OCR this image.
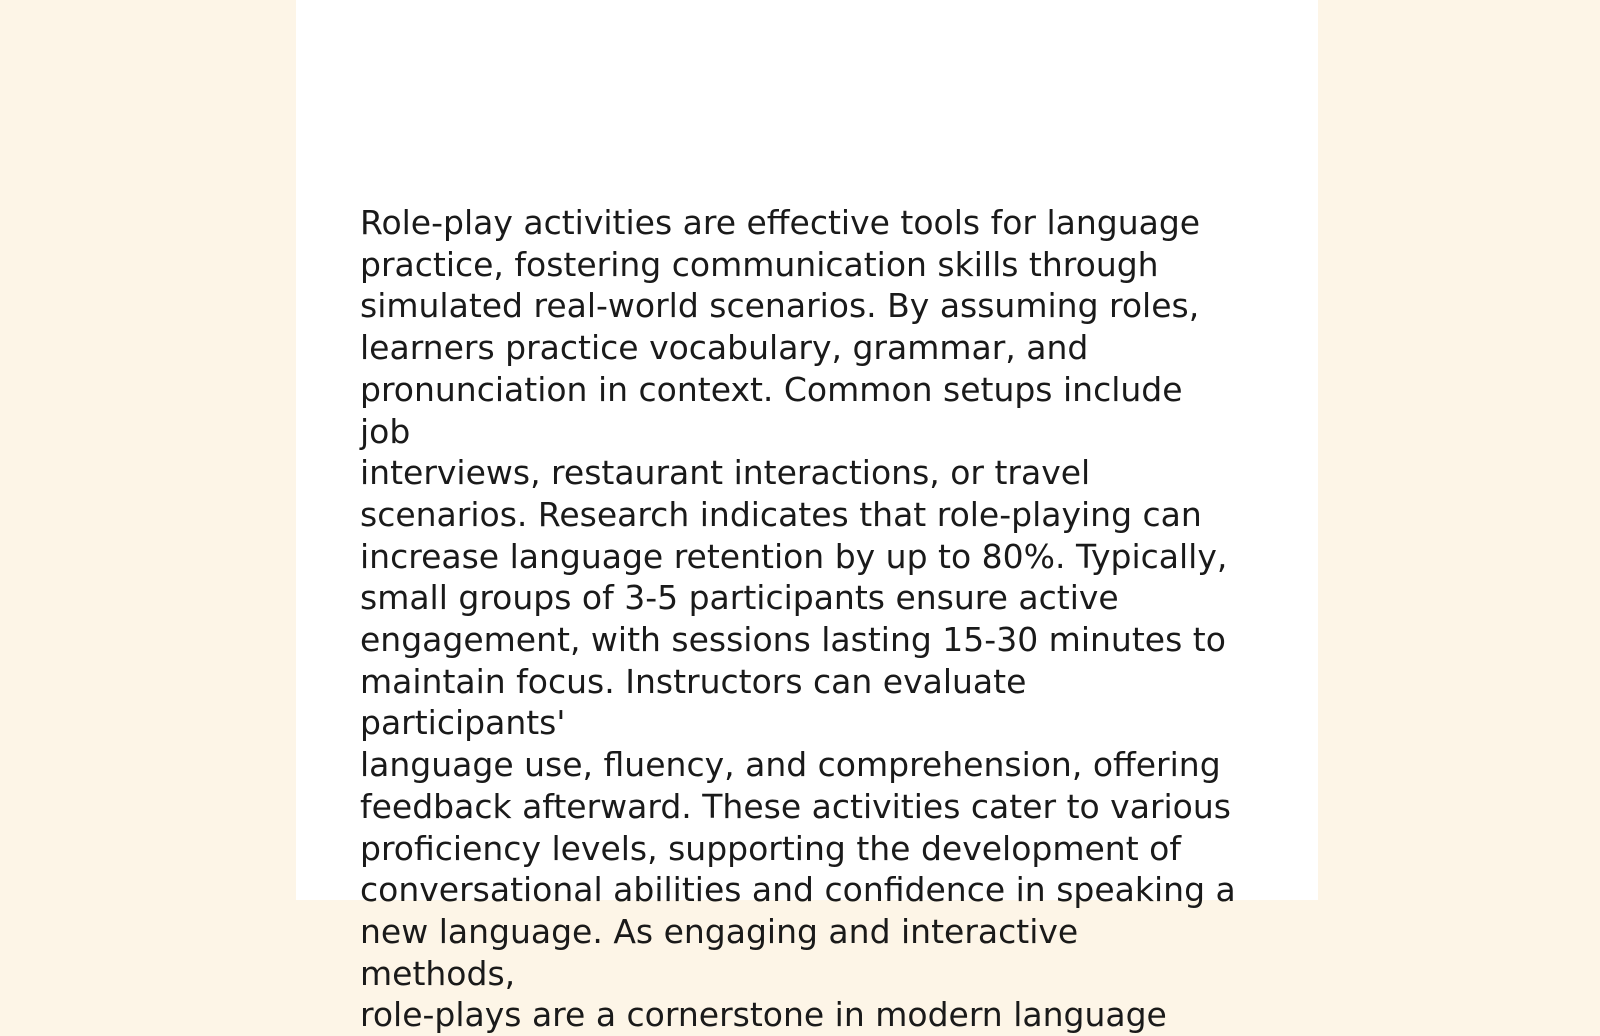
Role-play activities are effective tools for language
practice, fostering communication skills through
simulated real-world scenarios. By assuming roles,
learners practice vocabulary, grammar, and
pronunciation in context. Common setups include job
interviews, restaurant interactions, or travel
scenarios. Research indicates that role-playing can
increase language retention by up to 80%. Typically,
small groups of 3-5 participants ensure active
engagement, with sessions lasting 15-30 minutes to
maintain focus. Instructors can evaluate participants'
language use, fluency, and comprehension, offering
feedback afterward. These activities cater to various
proficiency levels, supporting the development of
conversational abilities and confidence in speaking a
new language. As engaging and interactive methods,
role-plays are a cornerstone in modern language
